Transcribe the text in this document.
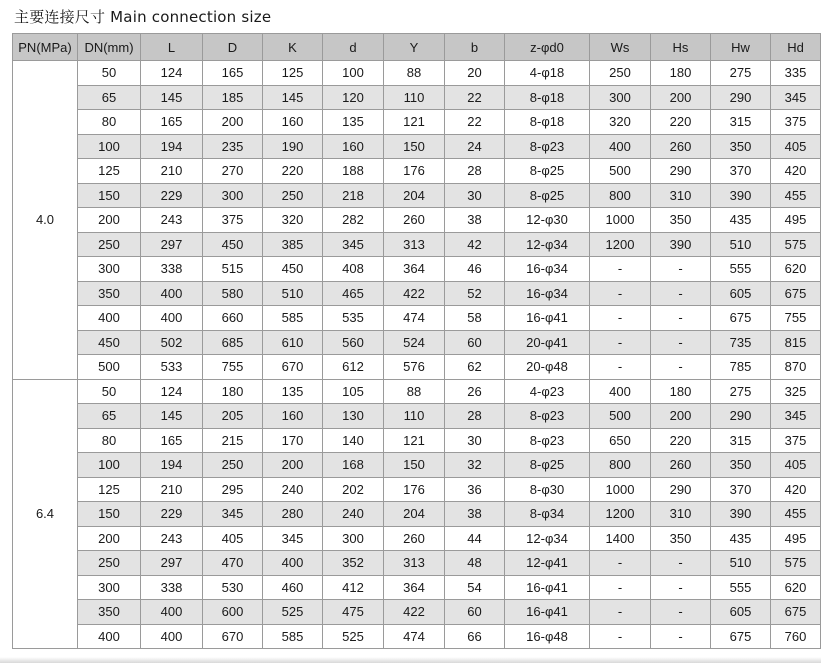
主要连接尺寸 Main connection size
PN(MPa)	DN(mm)	L	D	K	d	Y	b	z-φd0	Ws	Hs	Hw	Hd
4.0	50	124	165	125	100	88	20	4-φ18	250	180	275	335
	65	145	185	145	120	110	22	8-φ18	300	200	290	345
	80	165	200	160	135	121	22	8-φ18	320	220	315	375
	100	194	235	190	160	150	24	8-φ23	400	260	350	405
	125	210	270	220	188	176	28	8-φ25	500	290	370	420
	150	229	300	250	218	204	30	8-φ25	800	310	390	455
	200	243	375	320	282	260	38	12-φ30	1000	350	435	495
	250	297	450	385	345	313	42	12-φ34	1200	390	510	575
	300	338	515	450	408	364	46	16-φ34	-	-	555	620
	350	400	580	510	465	422	52	16-φ34	-	-	605	675
	400	400	660	585	535	474	58	16-φ41	-	-	675	755
	450	502	685	610	560	524	60	20-φ41	-	-	735	815
	500	533	755	670	612	576	62	20-φ48	-	-	785	870
6.4	50	124	180	135	105	88	26	4-φ23	400	180	275	325
	65	145	205	160	130	110	28	8-φ23	500	200	290	345
	80	165	215	170	140	121	30	8-φ23	650	220	315	375
	100	194	250	200	168	150	32	8-φ25	800	260	350	405
	125	210	295	240	202	176	36	8-φ30	1000	290	370	420
	150	229	345	280	240	204	38	8-φ34	1200	310	390	455
	200	243	405	345	300	260	44	12-φ34	1400	350	435	495
	250	297	470	400	352	313	48	12-φ41	-	-	510	575
	300	338	530	460	412	364	54	16-φ41	-	-	555	620
	350	400	600	525	475	422	60	16-φ41	-	-	605	675
	400	400	670	585	525	474	66	16-φ48	-	-	675	760
